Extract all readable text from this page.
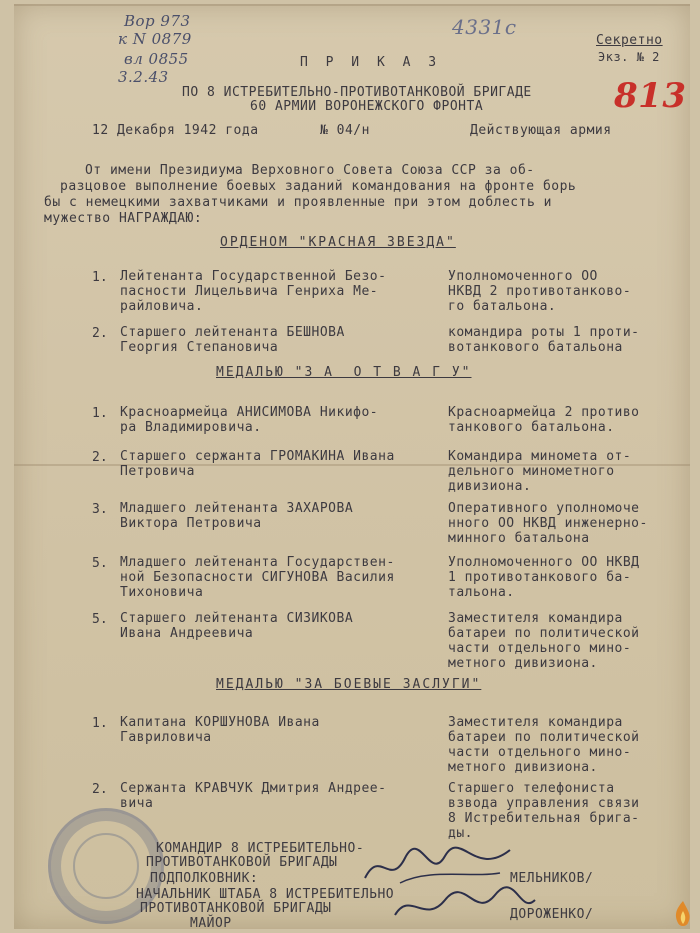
Вор 973
к N 0879
вл 0855
3.2.43
4331с
813
Секретно
Экз. № 2
П Р И К А З
ПО 8 ИСТРЕБИТЕЛЬНО-ПРОТИВОТАНКОВОЙ БРИГАДЕ
60 АРМИИ ВОРОНЕЖСКОГО ФРОНТА
12 Декабря 1942 года	№ 04/н	Действующая армия
От имени Президиума Верховного Совета Союза ССР за об-
разцовое выполнение боевых заданий командования на фронте борь
бы с немецкими захватчиками и проявленные при этом доблесть и
мужество НАГРАЖДАЮ:
ОРДЕНОМ "КРАСНАЯ ЗВЕЗДА"
1. Лейтенанта Государственной Безо-
пасности Лицельвича Генриха Ме-
райловича.
Уполномоченного ОО
НКВД 2 противотанково-
го батальона.
2. Старшего лейтенанта БЕШНОВА
Георгия Степановича
командира роты 1 проти-
вотанкового батальона
МЕДАЛЬЮ "З А  О Т В А Г У"
1. Красноармейца АНИСИМОВА Никифо-
ра Владимировича.
Красноармейца 2 противо
танкового батальона.
2. Старшего сержанта ГРОМАКИНА Ивана
Петровича
Командира миномета от-
дельного минометного
дивизиона.
3. Младшего лейтенанта ЗАХАРОВА
Виктора Петровича
Оперативного уполномоче
нного ОО НКВД инженерно-
минного батальона
5. Младшего лейтенанта Государствен-
ной Безопасности СИГУНОВА Василия
Тихоновича
Уполномоченного ОО НКВД
1 противотанкового ба-
тальона.
5. Старшего лейтенанта СИЗИКОВА
Ивана Андреевича
Заместителя командира
батареи по политической
части отдельного мино-
метного дивизиона.
МЕДАЛЬЮ "ЗА БОЕВЫЕ ЗАСЛУГИ"
1. Капитана КОРШУНОВА Ивана
Гавриловича
Заместителя командира
батареи по политической
части отдельного мино-
метного дивизиона.
2. Сержанта КРАВЧУК Дмитрия Андрее-
вича
Старшего телефониста
взвода управления связи
8 Истребительная брига-
ды.
КОМАНДИР 8 ИСТРЕБИТЕЛЬНО-
ПРОТИВОТАНКОВОЙ БРИГАДЫ
ПОДПОЛКОВНИК:
НАЧАЛЬНИК ШТАБА 8 ИСТРЕБИТЕЛЬНО
ПРОТИВОТАНКОВОЙ БРИГАДЫ
МАЙОР
МЕЛЬНИКОВ/
ДОРОЖЕНКО/
